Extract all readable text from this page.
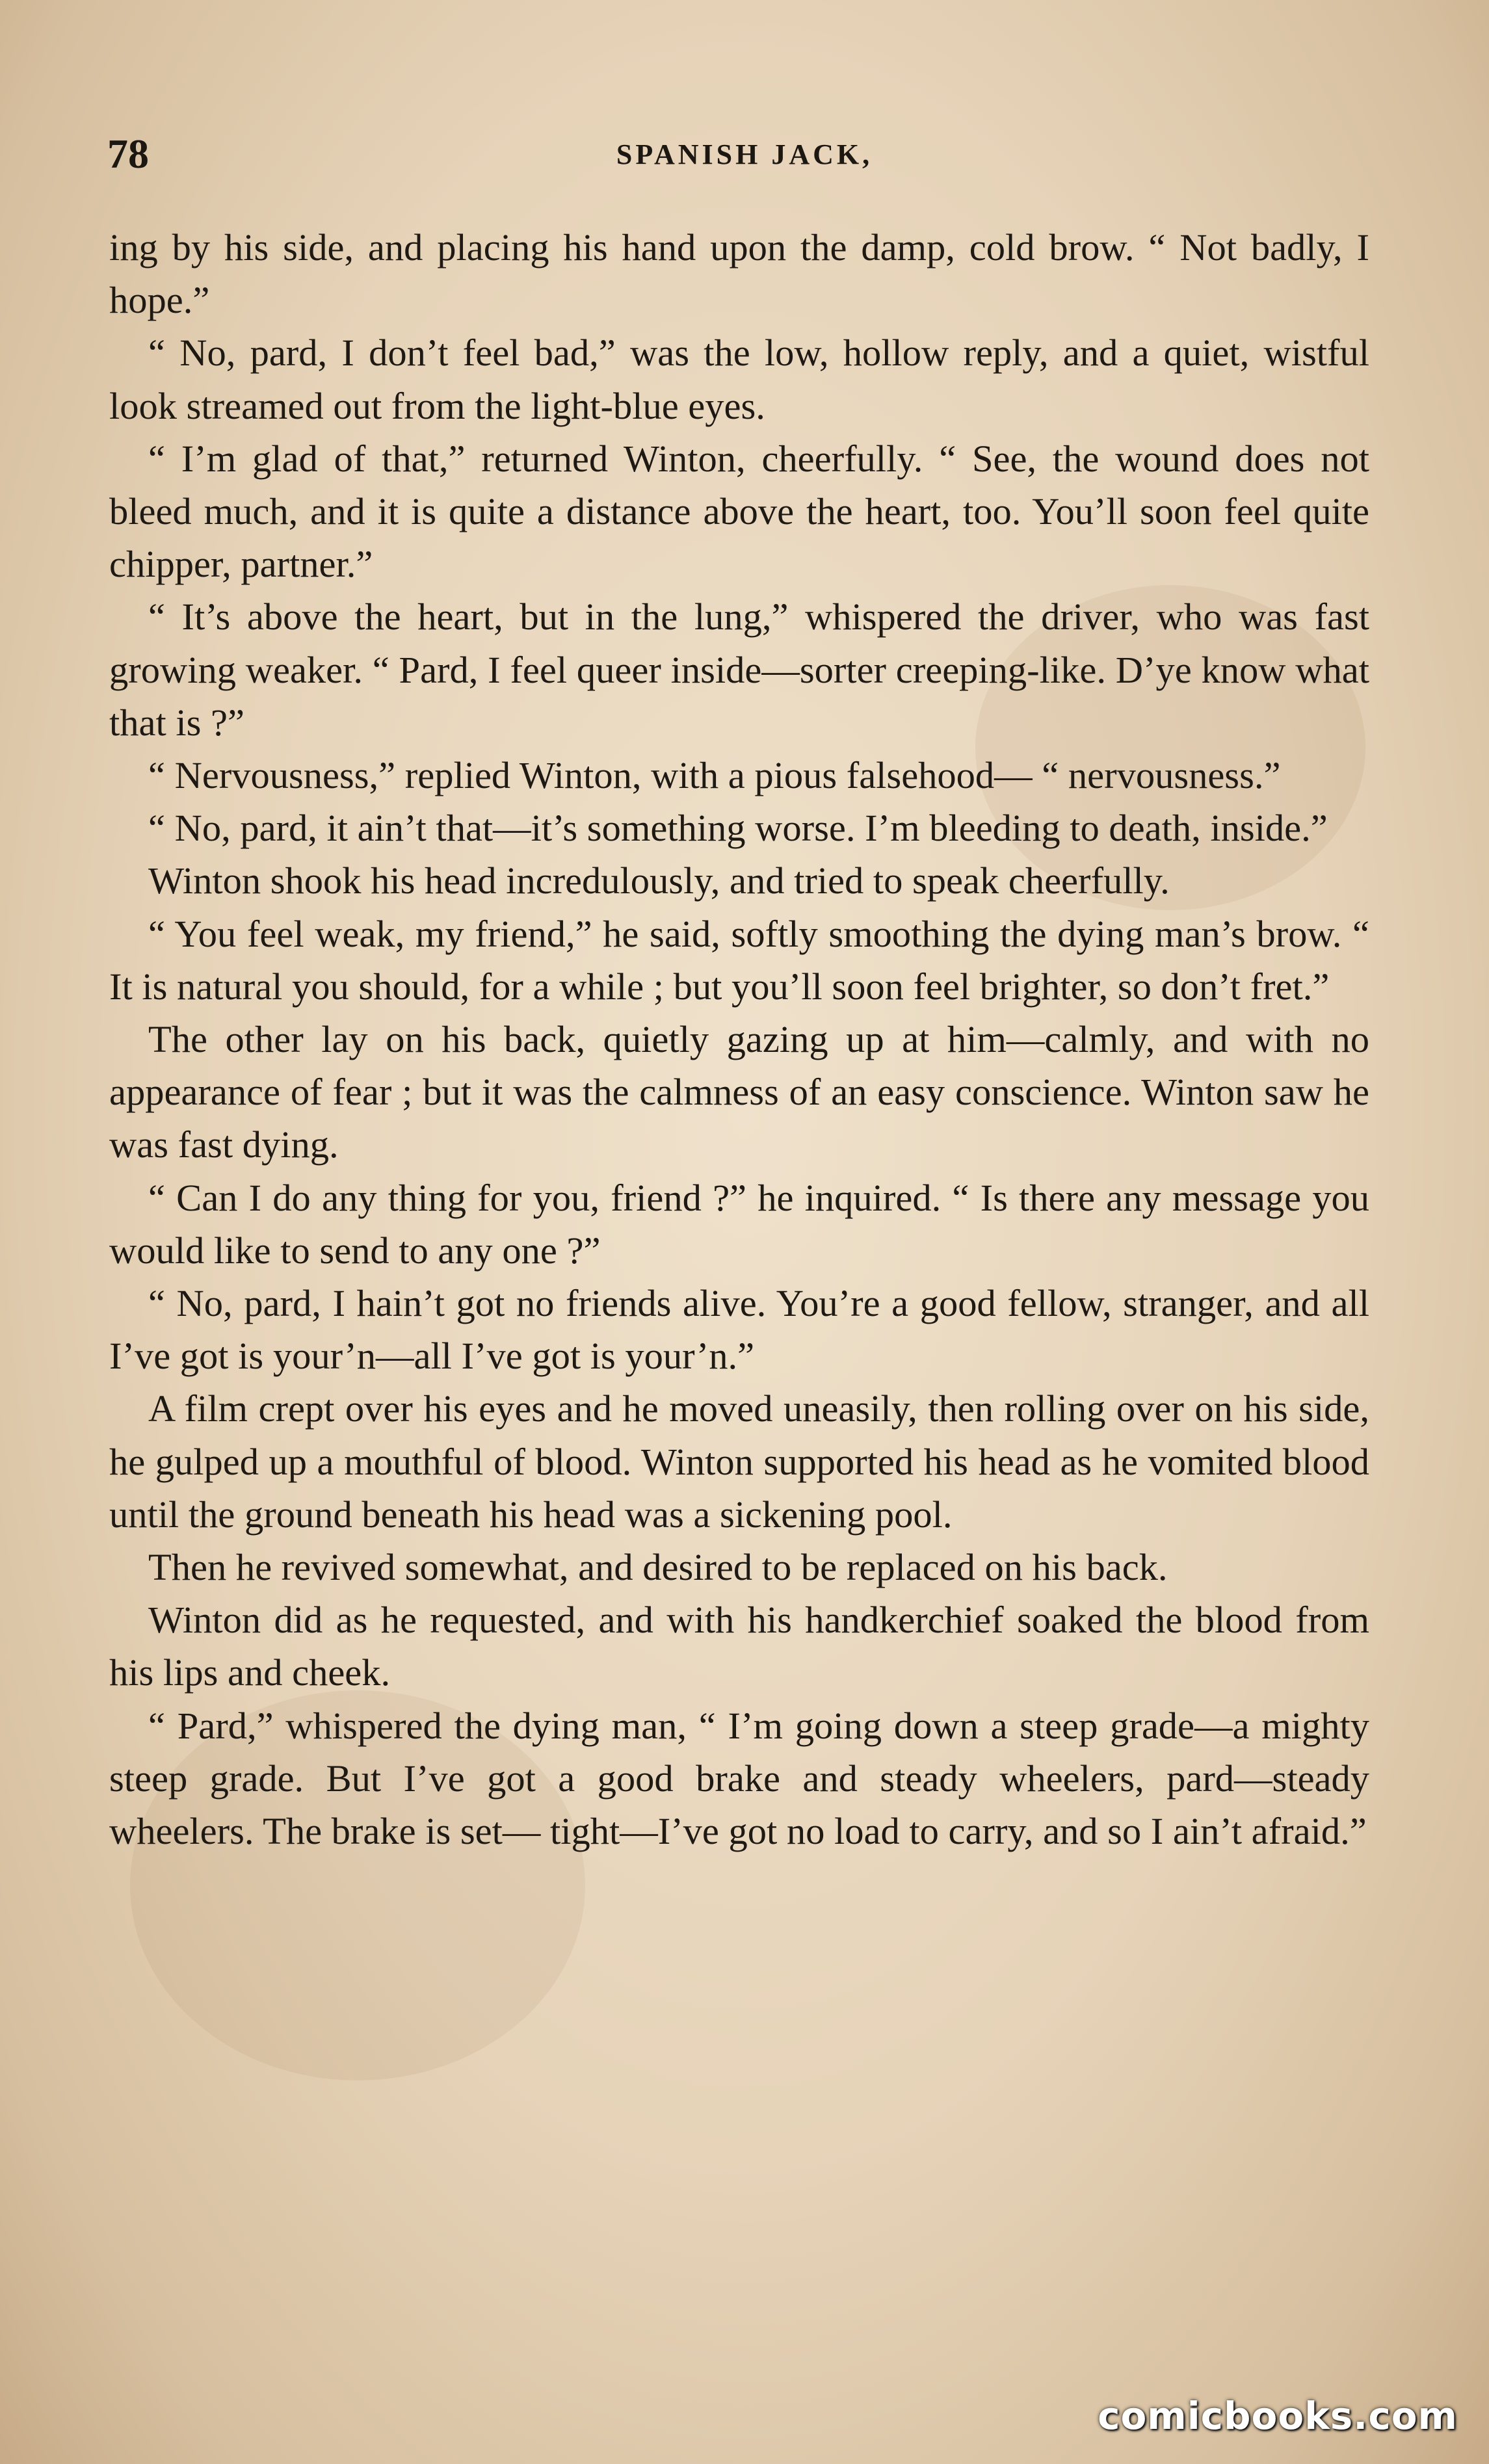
78	SPANISH JACK,

ing by his side, and placing his hand upon the damp, cold brow. “ Not badly, I hope.”

“ No, pard, I don’t feel bad,” was the low, hollow reply, and a quiet, wistful look streamed out from the light-blue eyes.

“ I’m glad of that,” returned Winton, cheerfully. “ See, the wound does not bleed much, and it is quite a distance above the heart, too. You’ll soon feel quite chipper, partner.”

“ It’s above the heart, but in the lung,” whispered the driver, who was fast growing weaker. “ Pard, I feel queer inside—sorter creeping-like. D’ye know what that is ?”

“ Nervousness,” replied Winton, with a pious falsehood— “ nervousness.”

“ No, pard, it ain’t that—it’s something worse. I’m bleeding to death, inside.”

Winton shook his head incredulously, and tried to speak cheerfully.

“ You feel weak, my friend,” he said, softly smoothing the dying man’s brow. “ It is natural you should, for a while ; but you’ll soon feel brighter, so don’t fret.”

The other lay on his back, quietly gazing up at him—calmly, and with no appearance of fear ; but it was the calmness of an easy conscience. Winton saw he was fast dying.

“ Can I do any thing for you, friend ?” he inquired. “ Is there any message you would like to send to any one ?”

“ No, pard, I hain’t got no friends alive. You’re a good fellow, stranger, and all I’ve got is your’n—all I’ve got is your’n.”

A film crept over his eyes and he moved uneasily, then rolling over on his side, he gulped up a mouthful of blood. Winton supported his head as he vomited blood until the ground beneath his head was a sickening pool.

Then he revived somewhat, and desired to be replaced on his back.

Winton did as he requested, and with his handkerchief soaked the blood from his lips and cheek.

“ Pard,” whispered the dying man, “ I’m going down a steep grade—a mighty steep grade. But I’ve got a good brake and steady wheelers, pard—steady wheelers. The brake is set— tight—I’ve got no load to carry, and so I ain’t afraid.”

comicbooks.com
